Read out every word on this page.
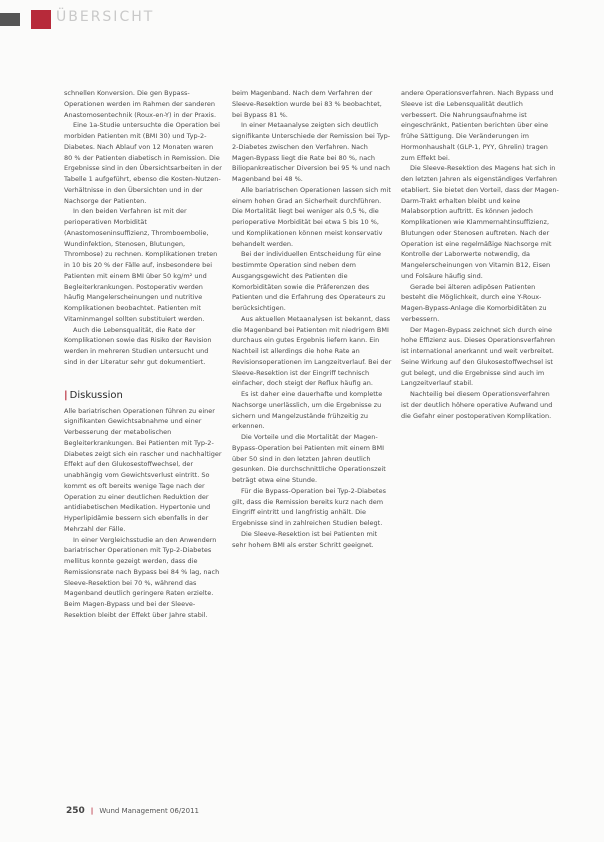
ÜBERSICHT

schnellen Konversion. Die gen Bypass-Operationen werden im Rahmen der sanderen Anastomosentechnik (Roux-en-Y) in der Praxis.

Eine 1a-Studie untersuchte die Operation bei morbiden Patienten mit (BMI 30) und Typ-2-Diabetes. Nach Ablauf von 12 Monaten waren 80 % der Patienten diabetisch in Remission. Die Ergebnisse sind in den Übersichtsarbeiten in der Tabelle 1 aufgeführt, ebenso die Kosten-Nutzen-Verhältnisse in den Übersichten und in der Nachsorge der Patienten.

In den beiden Verfahren ist mit der perioperativen Morbidität (Anastomoseninsuffizienz, Thromboembolie, Wundinfektion, Stenosen, Blutungen, Thrombose) zu rechnen. Komplikationen treten in 10 bis 20 % der Fälle auf, insbesondere bei Patienten mit einem BMI über 50 kg/m² und Begleiterkrankungen. Postoperativ werden häufig Mangelerscheinungen und nutritive Komplikationen beobachtet. Patienten mit Vitaminmangel sollten substituiert werden.

Auch die Lebensqualität, die Rate der Komplikationen sowie das Risiko der Revision werden in mehreren Studien untersucht und sind in der Literatur sehr gut dokumentiert.

| Diskussion

Alle bariatrischen Operationen führen zu einer signifikanten Gewichtsabnahme und einer Verbesserung der metabolischen Begleiterkrankungen. Bei Patienten mit Typ-2-Diabetes zeigt sich ein rascher und nachhaltiger Effekt auf den Glukosestoffwechsel, der unabhängig vom Gewichtsverlust eintritt. So kommt es oft bereits wenige Tage nach der Operation zu einer deutlichen Reduktion der antidiabetischen Medikation. Hypertonie und Hyperlipidämie bessern sich ebenfalls in der Mehrzahl der Fälle.

In einer Vergleichsstudie an den Anwendern bariatrischer Operationen mit Typ-2-Diabetes mellitus konnte gezeigt werden, dass die Remissionsrate nach Bypass bei 84 % lag, nach Sleeve-Resektion bei 70 %, während das Magenband deutlich geringere Raten erzielte. Beim Magen-Bypass und bei der Sleeve-Resektion bleibt der Effekt über Jahre stabil.

beim Magenband. Nach dem Verfahren der Sleeve-Resektion wurde bei 83 % beobachtet, bei Bypass 81 %.

In einer Metaanalyse zeigten sich deutlich signifikante Unterschiede der Remission bei Typ-2-Diabetes zwischen den Verfahren. Nach Magen-Bypass liegt die Rate bei 80 %, nach Biliopankreatischer Diversion bei 95 % und nach Magenband bei 48 %.

Alle bariatrischen Operationen lassen sich mit einem hohen Grad an Sicherheit durchführen. Die Mortalität liegt bei weniger als 0,5 %, die perioperative Morbidität bei etwa 5 bis 10 %, und Komplikationen können meist konservativ behandelt werden.

Bei der individuellen Entscheidung für eine bestimmte Operation sind neben dem Ausgangsgewicht des Patienten die Komorbiditäten sowie die Präferenzen des Patienten und die Erfahrung des Operateurs zu berücksichtigen.

Aus aktuellen Metaanalysen ist bekannt, dass die Magenband bei Patienten mit niedrigem BMI durchaus ein gutes Ergebnis liefern kann. Ein Nachteil ist allerdings die hohe Rate an Revisionsoperationen im Langzeitverlauf. Bei der Sleeve-Resektion ist der Eingriff technisch einfacher, doch steigt der Reflux häufig an.

Es ist daher eine dauerhafte und komplette Nachsorge unerlässlich, um die Ergebnisse zu sichern und Mangelzustände frühzeitig zu erkennen.

Die Vorteile und die Mortalität der Magen-Bypass-Operation bei Patienten mit einem BMI über 50 sind in den letzten Jahren deutlich gesunken. Die durchschnittliche Operationszeit beträgt etwa eine Stunde.

Für die Bypass-Operation bei Typ-2-Diabetes gilt, dass die Remission bereits kurz nach dem Eingriff eintritt und langfristig anhält. Die Ergebnisse sind in zahlreichen Studien belegt.

Die Sleeve-Resektion ist bei Patienten mit sehr hohem BMI als erster Schritt geeignet.

andere Operationsverfahren. Nach Bypass und Sleeve ist die Lebensqualität deutlich verbessert. Die Nahrungsaufnahme ist eingeschränkt, Patienten berichten über eine frühe Sättigung. Die Veränderungen im Hormonhaushalt (GLP-1, PYY, Ghrelin) tragen zum Effekt bei.

Die Sleeve-Resektion des Magens hat sich in den letzten Jahren als eigenständiges Verfahren etabliert. Sie bietet den Vorteil, dass der Magen-Darm-Trakt erhalten bleibt und keine Malabsorption auftritt. Es können jedoch Komplikationen wie Klammernahtinsuffizienz, Blutungen oder Stenosen auftreten. Nach der Operation ist eine regelmäßige Nachsorge mit Kontrolle der Laborwerte notwendig, da Mangelerscheinungen von Vitamin B12, Eisen und Folsäure häufig sind.

Gerade bei älteren adipösen Patienten besteht die Möglichkeit, durch eine Y-Roux-Magen-Bypass-Anlage die Komorbiditäten zu verbessern.

Der Magen-Bypass zeichnet sich durch eine hohe Effizienz aus. Dieses Operationsverfahren ist international anerkannt und weit verbreitet. Seine Wirkung auf den Glukosestoffwechsel ist gut belegt, und die Ergebnisse sind auch im Langzeitverlauf stabil.

Nachteilig bei diesem Operationsverfahren ist der deutlich höhere operative Aufwand und die Gefahr einer postoperativen Komplikation.

250 | Wund Management 06/2011
